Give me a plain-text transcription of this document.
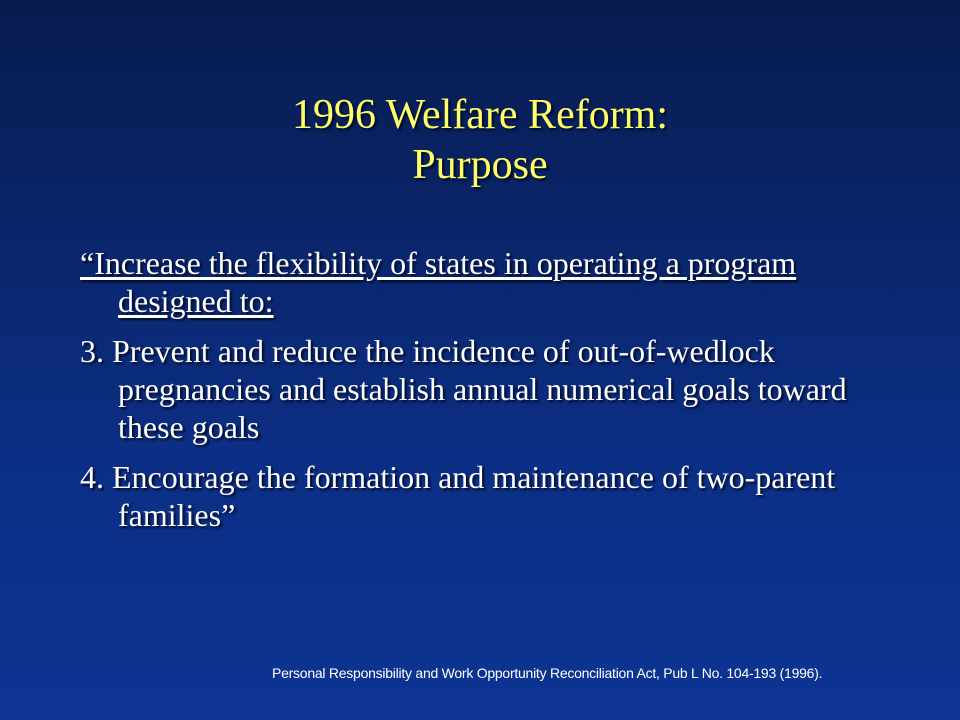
1996 Welfare Reform:
Purpose
“Increase the flexibility of states in operating a program designed to:
3. Prevent and reduce the incidence of out-of-wedlock pregnancies and establish annual numerical goals toward these goals
4. Encourage the formation and maintenance of two-parent families”
Personal Responsibility and Work Opportunity Reconciliation Act, Pub L No. 104-193 (1996).
